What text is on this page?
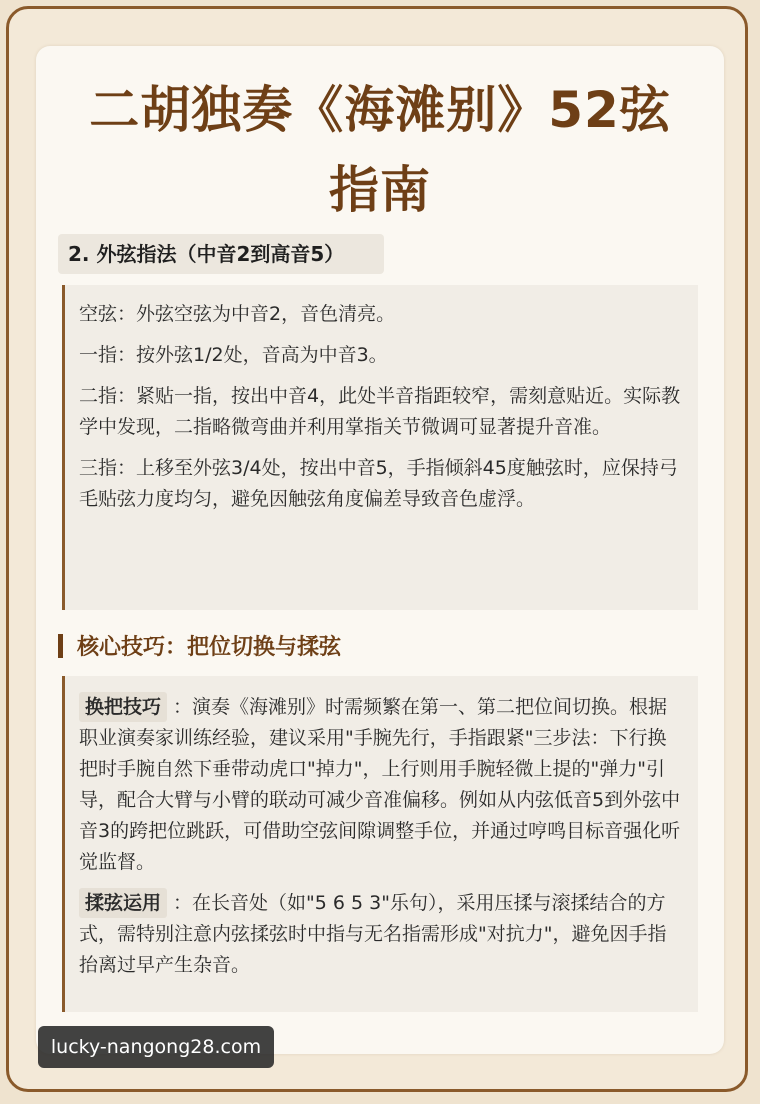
二胡独奏《海滩别》52弦
指南
2. 外弦指法（中音2到高音5）

空弦：外弦空弦为中音2，音色清亮。

一指：按外弦1/2处，音高为中音3。

二指：紧贴一指，按出中音4，此处半音指距较窄，需刻意贴近。实际教学中发现，二指略微弯曲并利用掌指关节微调可显著提升音准。

三指：上移至外弦3/4处，按出中音5，手指倾斜45度触弦时，应保持弓毛贴弦力度均匀，避免因触弦角度偏差导致音色虚浮。

核心技巧：把位切换与揉弦

换把技巧 ：演奏《海滩别》时需频繁在第一、第二把位间切换。根据职业演奏家训练经验，建议采用"手腕先行，手指跟紧"三步法：下行换把时手腕自然下垂带动虎口"掉力"，上行则用手腕轻微上提的"弹力"引导，配合大臂与小臂的联动可减少音准偏移。例如从内弦低音5到外弦中音3的跨把位跳跃，可借助空弦间隙调整手位，并通过哼鸣目标音强化听觉监督。

揉弦运用 ：在长音处（如"5 6 5 3"乐句），采用压揉与滚揉结合的方式，需特别注意内弦揉弦时中指与无名指需形成"对抗力"，避免因手指抬离过早产生杂音。

lucky-nangong28.com
